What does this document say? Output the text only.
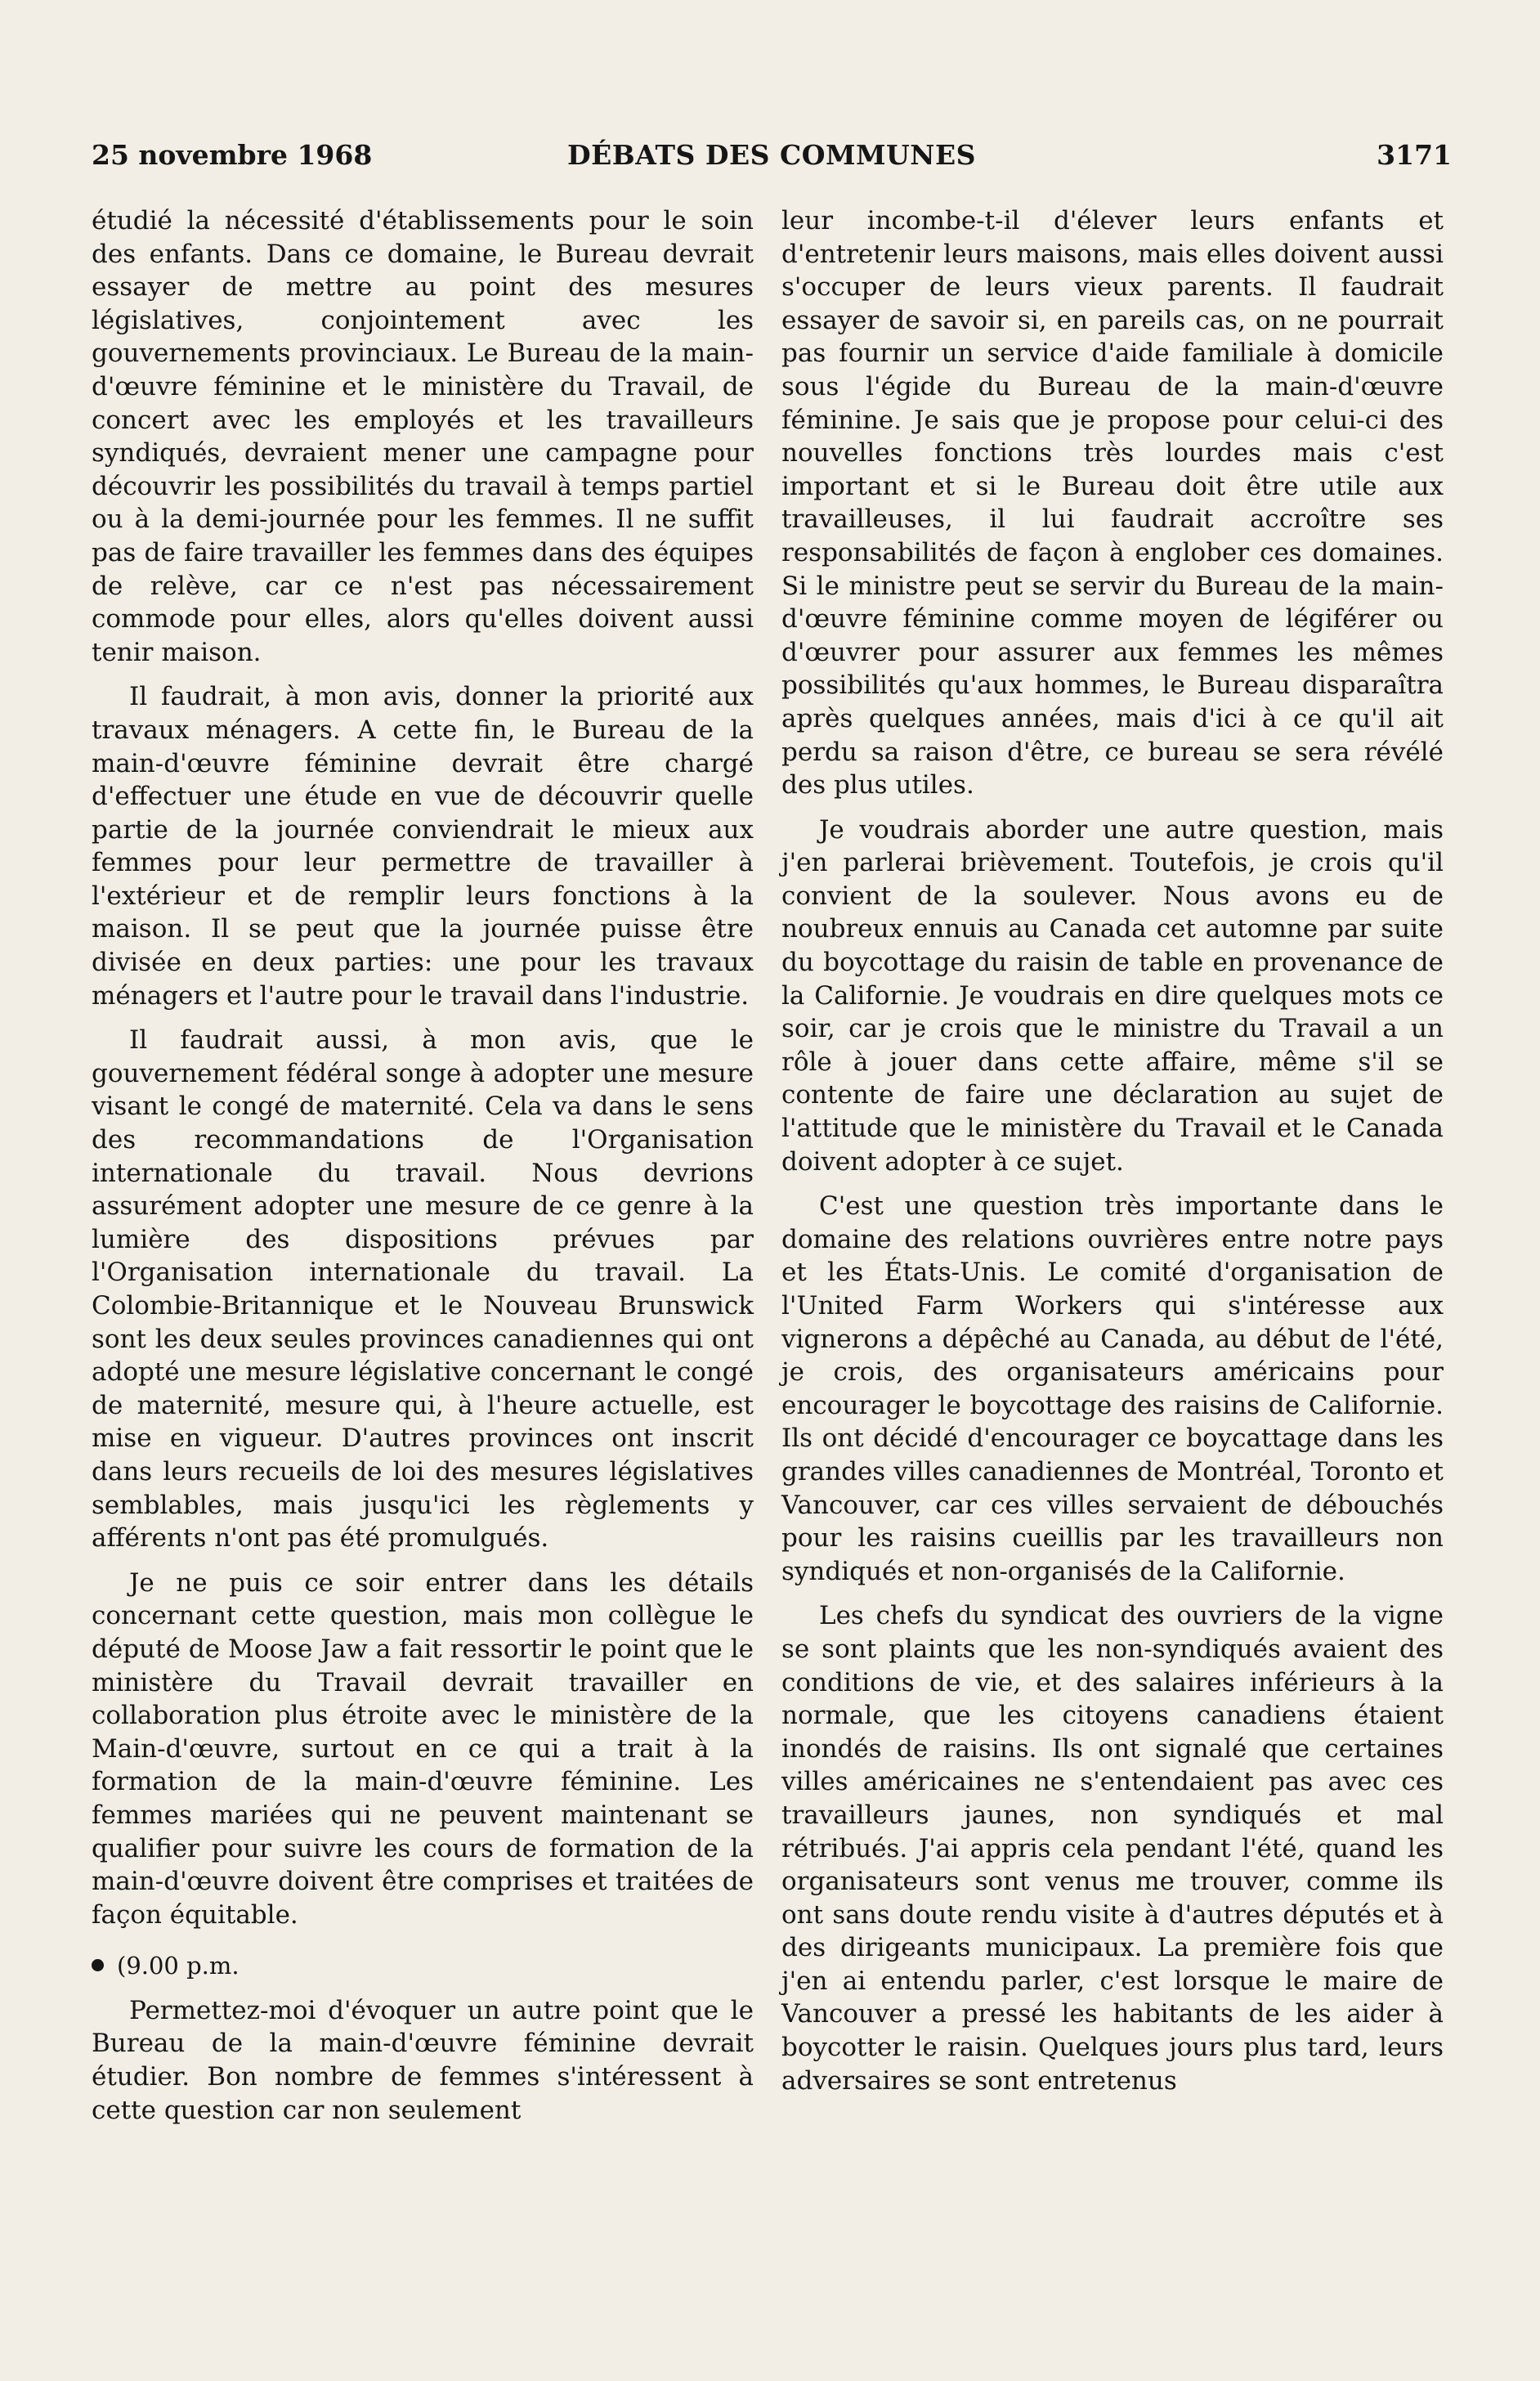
25 novembre 1968	DÉBATS DES COMMUNES	3171

étudié la nécessité d'établissements pour le soin des enfants. Dans ce domaine, le Bureau devrait essayer de mettre au point des mesures législatives, conjointement avec les gouvernements provinciaux. Le Bureau de la main-d'œuvre féminine et le ministère du Travail, de concert avec les employés et les travailleurs syndiqués, devraient mener une campagne pour découvrir les possibilités du travail à temps partiel ou à la demi-journée pour les femmes. Il ne suffit pas de faire travailler les femmes dans des équipes de relève, car ce n'est pas nécessairement commode pour elles, alors qu'elles doivent aussi tenir maison.

Il faudrait, à mon avis, donner la priorité aux travaux ménagers. A cette fin, le Bureau de la main-d'œuvre féminine devrait être chargé d'effectuer une étude en vue de découvrir quelle partie de la journée conviendrait le mieux aux femmes pour leur permettre de travailler à l'extérieur et de remplir leurs fonctions à la maison. Il se peut que la journée puisse être divisée en deux parties: une pour les travaux ménagers et l'autre pour le travail dans l'industrie.

Il faudrait aussi, à mon avis, que le gouvernement fédéral songe à adopter une mesure visant le congé de maternité. Cela va dans le sens des recommandations de l'Organisation internationale du travail. Nous devrions assurément adopter une mesure de ce genre à la lumière des dispositions prévues par l'Organisation internationale du travail. La Colombie-Britannique et le Nouveau Brunswick sont les deux seules provinces canadiennes qui ont adopté une mesure législative concernant le congé de maternité, mesure qui, à l'heure actuelle, est mise en vigueur. D'autres provinces ont inscrit dans leurs recueils de loi des mesures législatives semblables, mais jusqu'ici les règlements y afférents n'ont pas été promulgués.

Je ne puis ce soir entrer dans les détails concernant cette question, mais mon collègue le député de Moose Jaw a fait ressortir le point que le ministère du Travail devrait travailler en collaboration plus étroite avec le ministère de la Main-d'œuvre, surtout en ce qui a trait à la formation de la main-d'œuvre féminine. Les femmes mariées qui ne peuvent maintenant se qualifier pour suivre les cours de formation de la main-d'œuvre doivent être comprises et traitées de façon équitable.

(9.00 p.m.

Permettez-moi d'évoquer un autre point que le Bureau de la main-d'œuvre féminine devrait étudier. Bon nombre de femmes s'intéressent à cette question car non seulement

leur incombe-t-il d'élever leurs enfants et d'entretenir leurs maisons, mais elles doivent aussi s'occuper de leurs vieux parents. Il faudrait essayer de savoir si, en pareils cas, on ne pourrait pas fournir un service d'aide familiale à domicile sous l'égide du Bureau de la main-d'œuvre féminine. Je sais que je propose pour celui-ci des nouvelles fonctions très lourdes mais c'est important et si le Bureau doit être utile aux travailleuses, il lui faudrait accroître ses responsabilités de façon à englober ces domaines. Si le ministre peut se servir du Bureau de la main-d'œuvre féminine comme moyen de légiférer ou d'œuvrer pour assurer aux femmes les mêmes possibilités qu'aux hommes, le Bureau disparaîtra après quelques années, mais d'ici à ce qu'il ait perdu sa raison d'être, ce bureau se sera révélé des plus utiles.

Je voudrais aborder une autre question, mais j'en parlerai brièvement. Toutefois, je crois qu'il convient de la soulever. Nous avons eu de noubreux ennuis au Canada cet automne par suite du boycottage du raisin de table en provenance de la Californie. Je voudrais en dire quelques mots ce soir, car je crois que le ministre du Travail a un rôle à jouer dans cette affaire, même s'il se contente de faire une déclaration au sujet de l'attitude que le ministère du Travail et le Canada doivent adopter à ce sujet.

C'est une question très importante dans le domaine des relations ouvrières entre notre pays et les États-Unis. Le comité d'organisation de l'United Farm Workers qui s'intéresse aux vignerons a dépêché au Canada, au début de l'été, je crois, des organisateurs américains pour encourager le boycottage des raisins de Californie. Ils ont décidé d'encourager ce boycattage dans les grandes villes canadiennes de Montréal, Toronto et Vancouver, car ces villes servaient de débouchés pour les raisins cueillis par les travailleurs non syndiqués et non-organisés de la Californie.

Les chefs du syndicat des ouvriers de la vigne se sont plaints que les non-syndiqués avaient des conditions de vie, et des salaires inférieurs à la normale, que les citoyens canadiens étaient inondés de raisins. Ils ont signalé que certaines villes américaines ne s'entendaient pas avec ces travailleurs jaunes, non syndiqués et mal rétribués. J'ai appris cela pendant l'été, quand les organisateurs sont venus me trouver, comme ils ont sans doute rendu visite à d'autres députés et à des dirigeants municipaux. La première fois que j'en ai entendu parler, c'est lorsque le maire de Vancouver a pressé les habitants de les aider à boycotter le raisin. Quelques jours plus tard, leurs adversaires se sont entretenus
